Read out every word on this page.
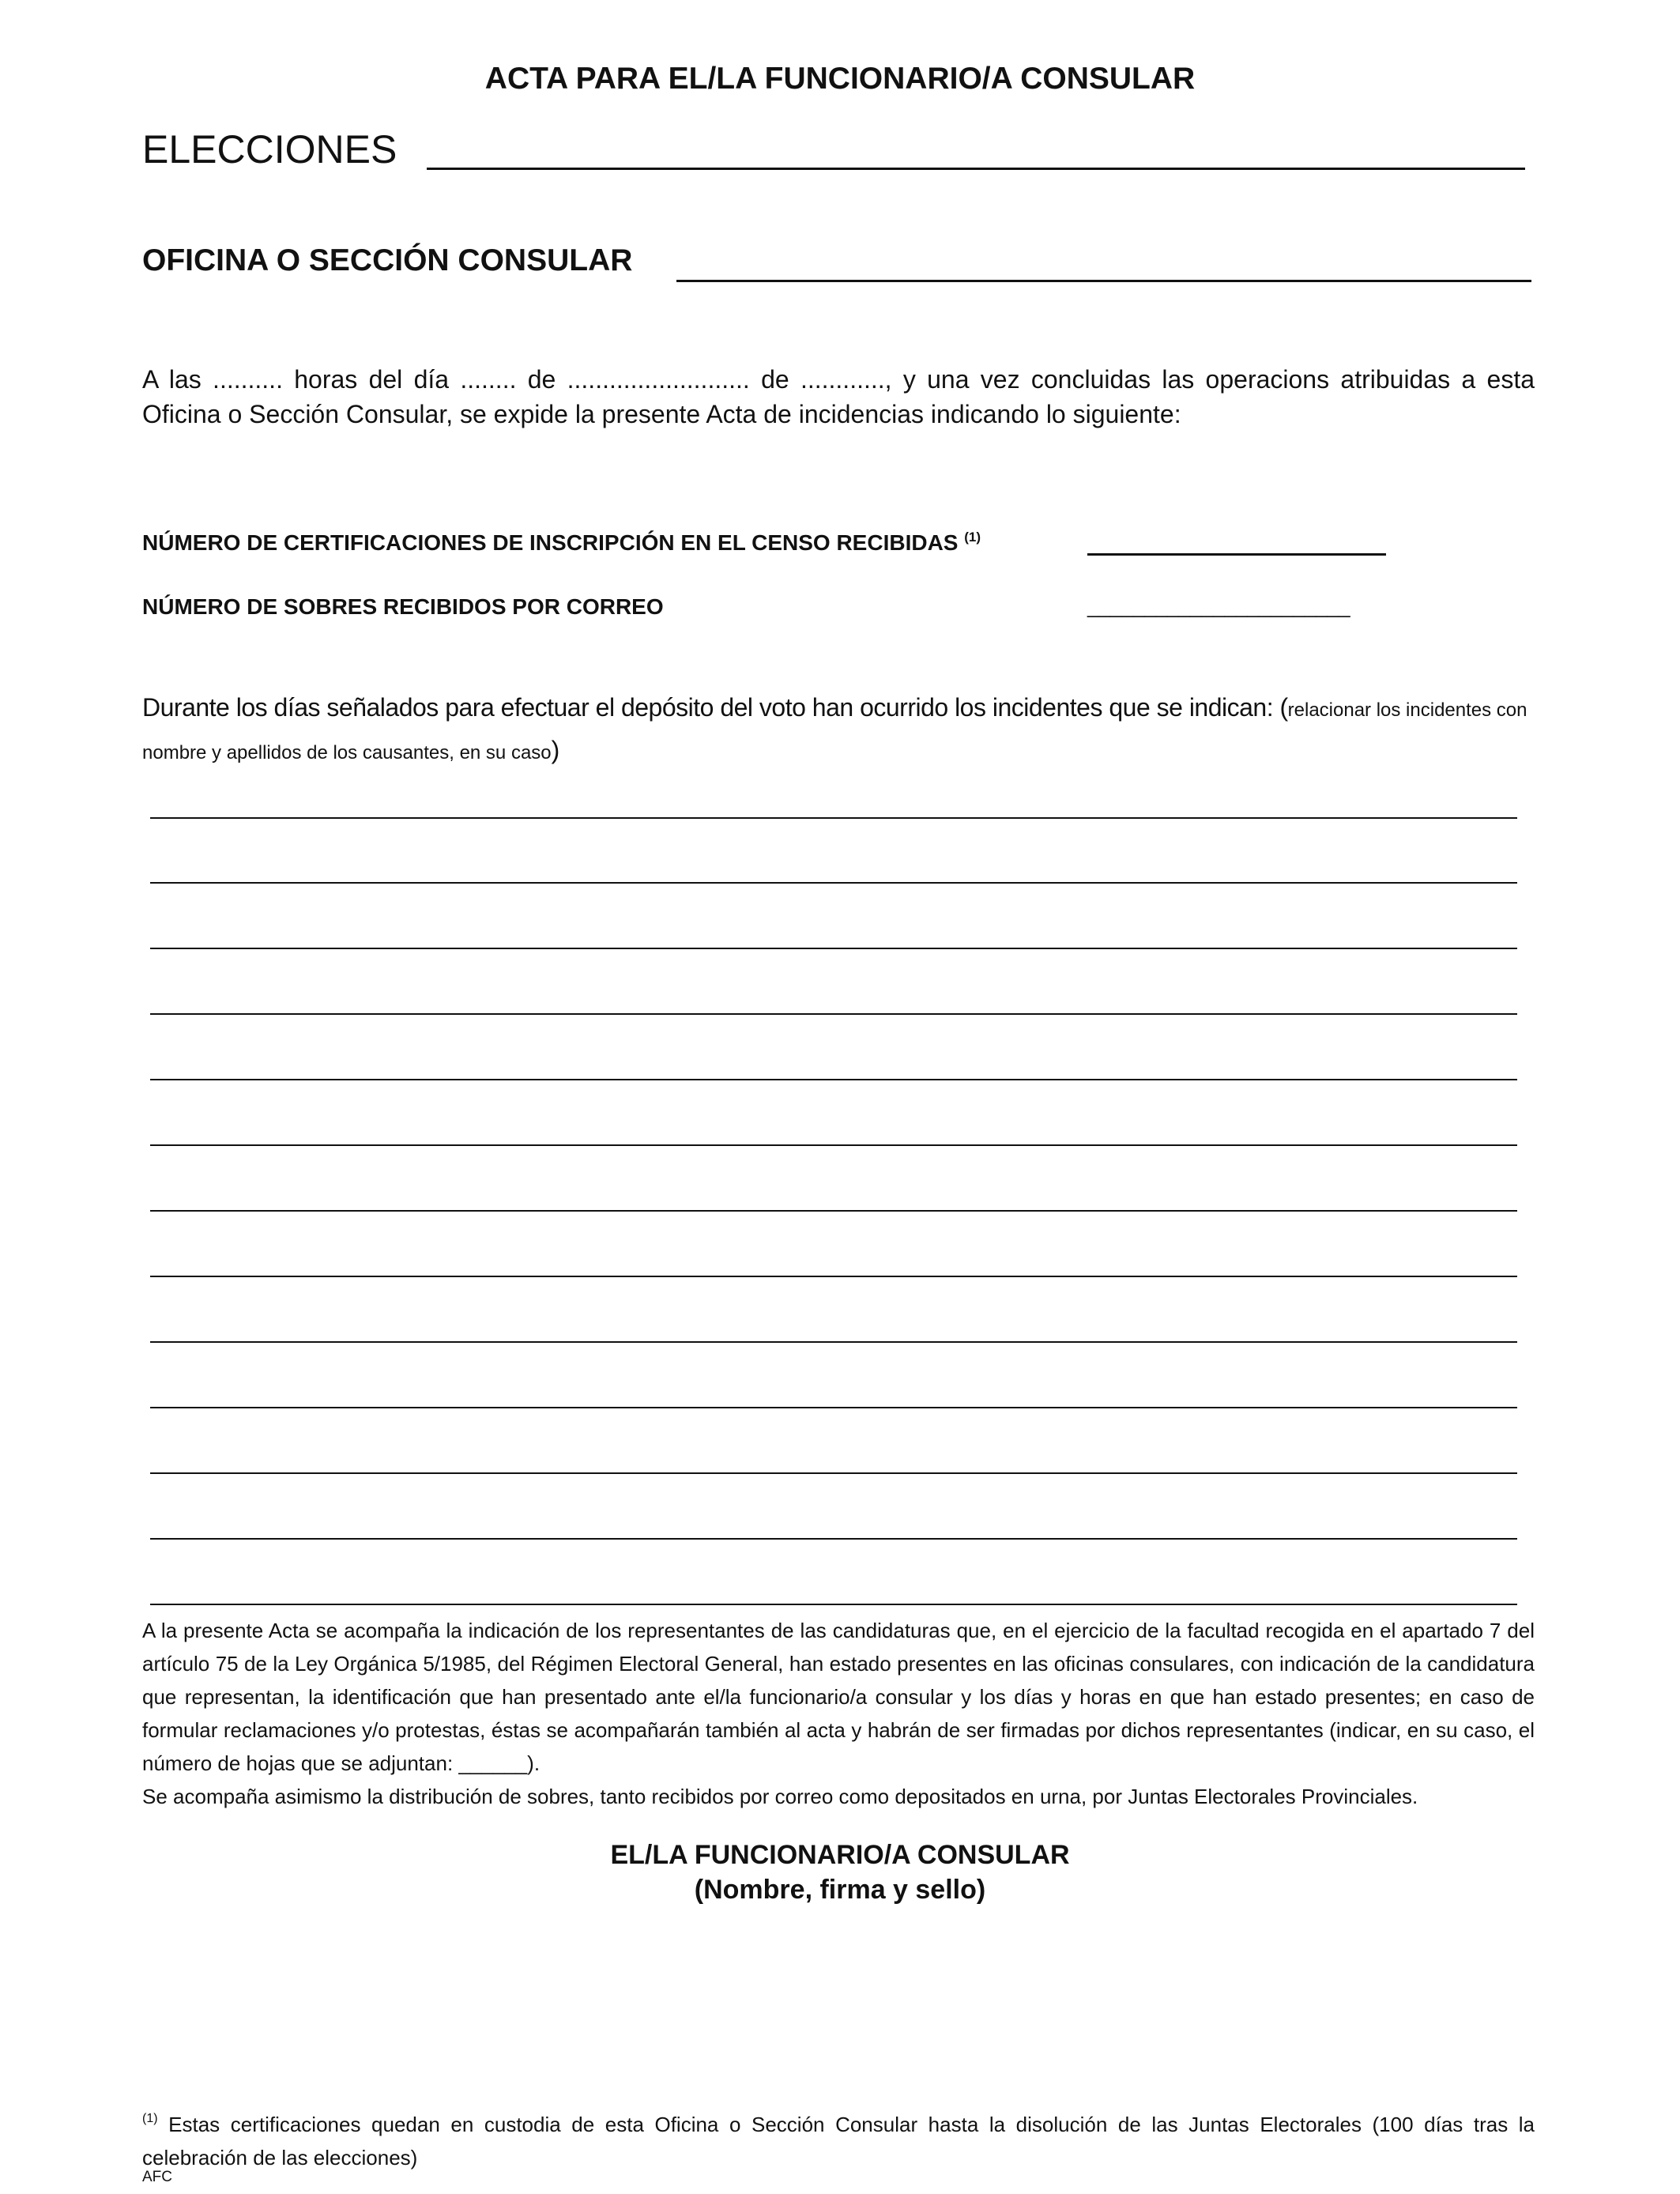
ACTA PARA EL/LA FUNCIONARIO/A CONSULAR
ELECCIONES
OFICINA O SECCIÓN CONSULAR
A las .......... horas del día ........ de .......................... de ............, y una vez concluidas las operacions atribuidas a esta Oficina o Sección Consular, se expide la presente Acta de incidencias indicando lo siguiente:
NÚMERO DE CERTIFICACIONES DE INSCRIPCIÓN EN EL CENSO RECIBIDAS $^{(1)}$
NÚMERO DE SOBRES RECIBIDOS POR CORREO	_______________________
Durante los días señalados para efectuar el depósito del voto han ocurrido los incidentes que se indican: (relacionar los incidentes con nombre y apellidos de los causantes, en su caso)

A la presente Acta se acompaña la indicación de los representantes de las candidaturas que, en el ejercicio de la facultad recogida en el apartado 7 del artículo 75 de la Ley Orgánica 5/1985, del Régimen Electoral General, han estado presentes en las oficinas consulares, con indicación de la candidatura que representan, la identificación que han presentado ante el/la funcionario/a consular y los días y horas en que han estado presentes; en caso de formular reclamaciones y/o protestas, éstas se acompañarán también al acta y habrán de ser firmadas por dichos representantes (indicar, en su caso, el número de hojas que se adjuntan: ______).

Se acompaña asimismo la distribución de sobres, tanto recibidos por correo como depositados en urna, por Juntas Electorales Provinciales.

EL/LA FUNCIONARIO/A CONSULAR
(Nombre, firma y sello)
$^{(1)}$ Estas certificaciones quedan en custodia de esta Oficina o Sección Consular hasta la disolución de las Juntas Electorales (100 días tras la celebración de las elecciones)
AFC
